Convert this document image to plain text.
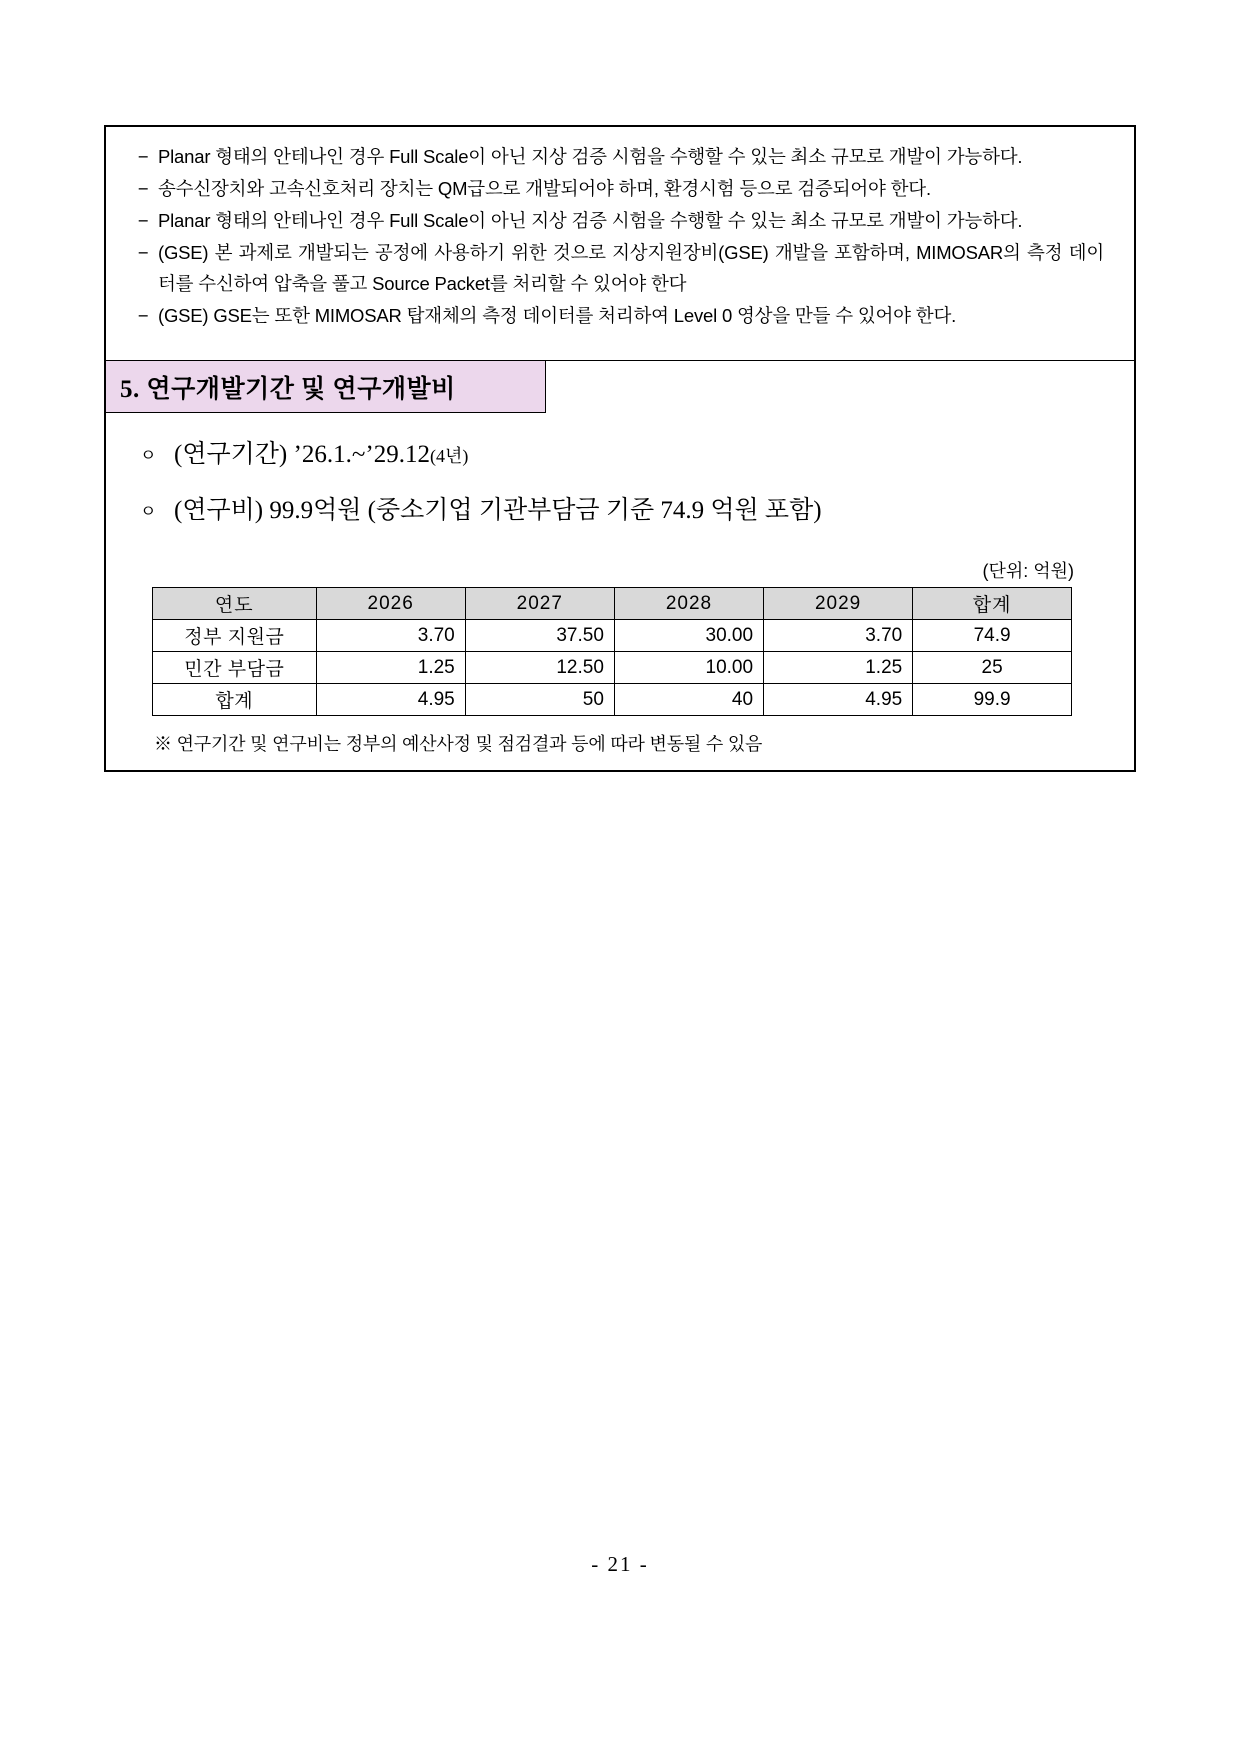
− Planar 형태의 안테나인 경우 Full Scale이 아닌 지상 검증 시험을 수행할 수 있는 최소 규모로 개발이 가능하다.
− 송수신장치와 고속신호처리 장치는 QM급으로 개발되어야 하며, 환경시험 등으로 검증되어야 한다.
− Planar 형태의 안테나인 경우 Full Scale이 아닌 지상 검증 시험을 수행할 수 있는 최소 규모로 개발이 가능하다.
− (GSE) 본 과제로 개발되는 공정에 사용하기 위한 것으로 지상지원장비(GSE) 개발을 포함하며, MIMOSAR의 측정 데이터를 수신하여 압축을 풀고 Source Packet를 처리할 수 있어야 한다
− (GSE) GSE는 또한 MIMOSAR 탑재체의 측정 데이터를 처리하여 Level 0 영상을 만들 수 있어야 한다.
5. 연구개발기간 및 연구개발비
ㅇ (연구기간) ’26.1.~’29.12(4년)
ㅇ (연구비) 99.9억원 (중소기업 기관부담금 기준 74.9 억원 포함)
(단위: 억원)
연도	2026	2027	2028	2029	합계
정부 지원금	3.70	37.50	30.00	3.70	74.9
민간 부담금	1.25	12.50	10.00	1.25	25
합계	4.95	50	40	4.95	99.9
※ 연구기간 및 연구비는 정부의 예산사정 및 점검결과 등에 따라 변동될 수 있음
- 21 -
